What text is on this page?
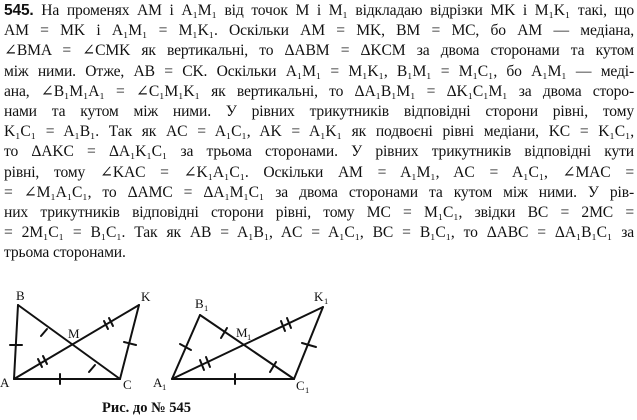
545. На променях AM і A₁M₁ від точок M і M₁ відкладаю відрізки MK і M₁K₁ такі, що
AM = MK і A₁M₁ = M₁K₁. Оскільки AM = MK, BM = MC, бо AM — медіана,
∠BMA = ∠CMK як вертикальні, то ΔABM = ΔKCM за двома сторонами та кутом
між ними. Отже, AB = CK. Оскільки A₁M₁ = M₁K₁, B₁M₁ = M₁C₁, бо A₁M₁ — меді-
ана, ∠B₁M₁A₁ = ∠C₁M₁K₁ як вертикальні, то ΔA₁B₁M₁ = ΔK₁C₁M₁ за двома сторо-
нами та кутом між ними. У рівних трикутників відповідні сторони рівні, тому
K₁C₁ = A₁B₁. Так як AC = A₁C₁, AK = A₁K₁ як подвоєні рівні медіани, KC = K₁C₁,
то ΔAKC = ΔA₁K₁C₁ за трьома сторонами. У рівних трикутників відповідні кути
рівні, тому ∠KAC = ∠K₁A₁C₁. Оскільки AM = A₁M₁, AC = A₁C₁, ∠MAC =
= ∠M₁A₁C₁, то ΔAMC = ΔA₁M₁C₁ за двома сторонами та кутом між ними. У рів-
них трикутників відповідні сторони рівні, тому MC = M₁C₁, звідки BC = 2MC =
= 2M₁C₁ = B₁C₁. Так як AB = A₁B₁, AC = A₁C₁, BC = B₁C₁, то ΔABC = ΔA₁B₁C₁ за
трьома сторонами.
B	K
M
A	C
B 1
K 1
M 1
A 1	C 1
Рис. до № 545
